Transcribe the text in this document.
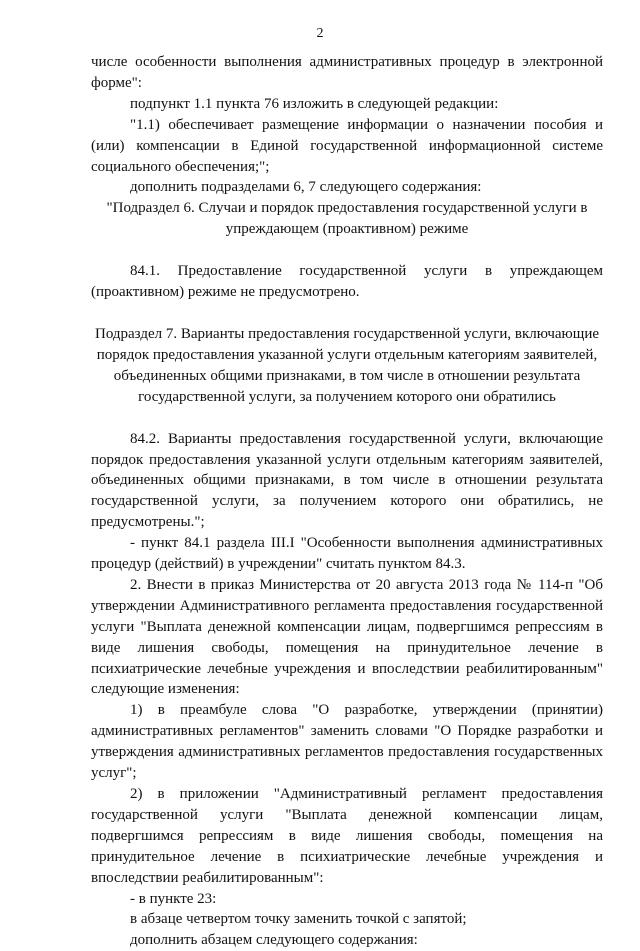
2

числе особенности выполнения административных процедур в электронной форме":

подпункт 1.1 пункта 76 изложить в следующей редакции:

"1.1) обеспечивает размещение информации о назначении пособия и (или) компенсации в Единой государственной информационной системе социального обеспечения;";

дополнить подразделами 6, 7 следующего содержания:

"Подраздел 6. Случаи и порядок предоставления государственной услуги в упреждающем (проактивном) режиме

84.1. Предоставление государственной услуги в упреждающем (проактивном) режиме не предусмотрено.

Подраздел 7. Варианты предоставления государственной услуги, включающие порядок предоставления указанной услуги отдельным категориям заявителей, объединенных общими признаками, в том числе в отношении результата государственной услуги, за получением которого они обратились

84.2. Варианты предоставления государственной услуги, включающие порядок предоставления указанной услуги отдельным категориям заявителей, объединенных общими признаками, в том числе в отношении результата государственной услуги, за получением которого они обратились, не предусмотрены.";

- пункт 84.1 раздела III.I "Особенности выполнения административных процедур (действий) в учреждении" считать пунктом 84.3.

2. Внести в приказ Министерства от 20 августа 2013 года № 114-п "Об утверждении Административного регламента предоставления государственной услуги "Выплата денежной компенсации лицам, подвергшимся репрессиям в виде лишения свободы, помещения на принудительное лечение в психиатрические лечебные учреждения и впоследствии реабилитированным" следующие изменения:

1) в преамбуле слова "О разработке, утверждении (принятии) административных регламентов" заменить словами "О Порядке разработки и утверждения административных регламентов предоставления государственных услуг";

2) в приложении "Административный регламент предоставления государственной услуги "Выплата денежной компенсации лицам, подвергшимся репрессиям в виде лишения свободы, помещения на принудительное лечение в психиатрические лечебные учреждения и впоследствии реабилитированным":

- в пункте 23:

в абзаце четвертом точку заменить точкой с запятой;

дополнить абзацем следующего содержания:
